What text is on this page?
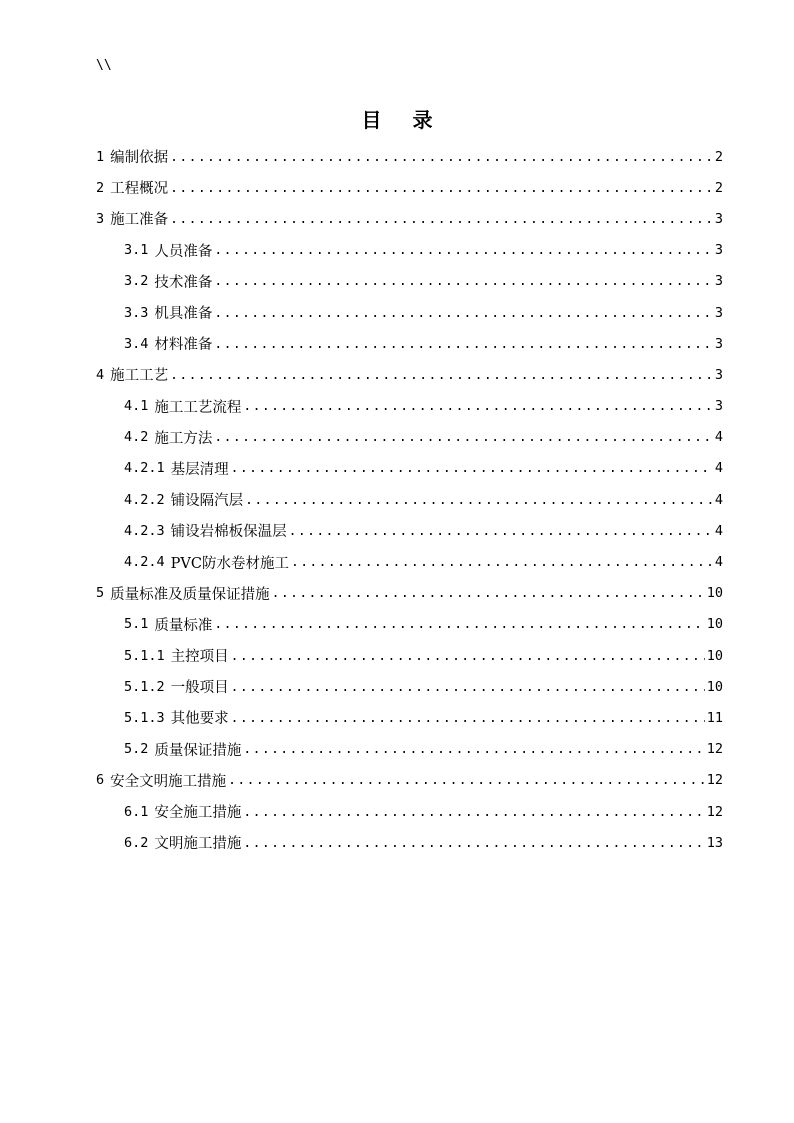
\\
目 录
1 编制依据 .....	2
2 工程概况 .....	2
3 施工准备 .....	3
3.1 人员准备 .....	3
3.2 技术准备 .....	3
3.3 机具准备 .....	3
3.4 材料准备 .....	3
4 施工工艺 .....	3
4.1 施工工艺流程 .....	3
4.2 施工方法 .....	4
4.2.1 基层清理 .....	4
4.2.2 铺设隔汽层 .....	4
4.2.3 铺设岩棉板保温层 .....	4
4.2.4 PVC防水卷材施工 .....	4
5 质量标准及质量保证措施 .....	10
5.1 质量标准 .....	10
5.1.1 主控项目 .....	10
5.1.2 一般项目 .....	10
5.1.3 其他要求 .....	11
5.2 质量保证措施 .....	12
6 安全文明施工措施 .....	12
6.1 安全施工措施 .....	12
6.2 文明施工措施 .....	13
